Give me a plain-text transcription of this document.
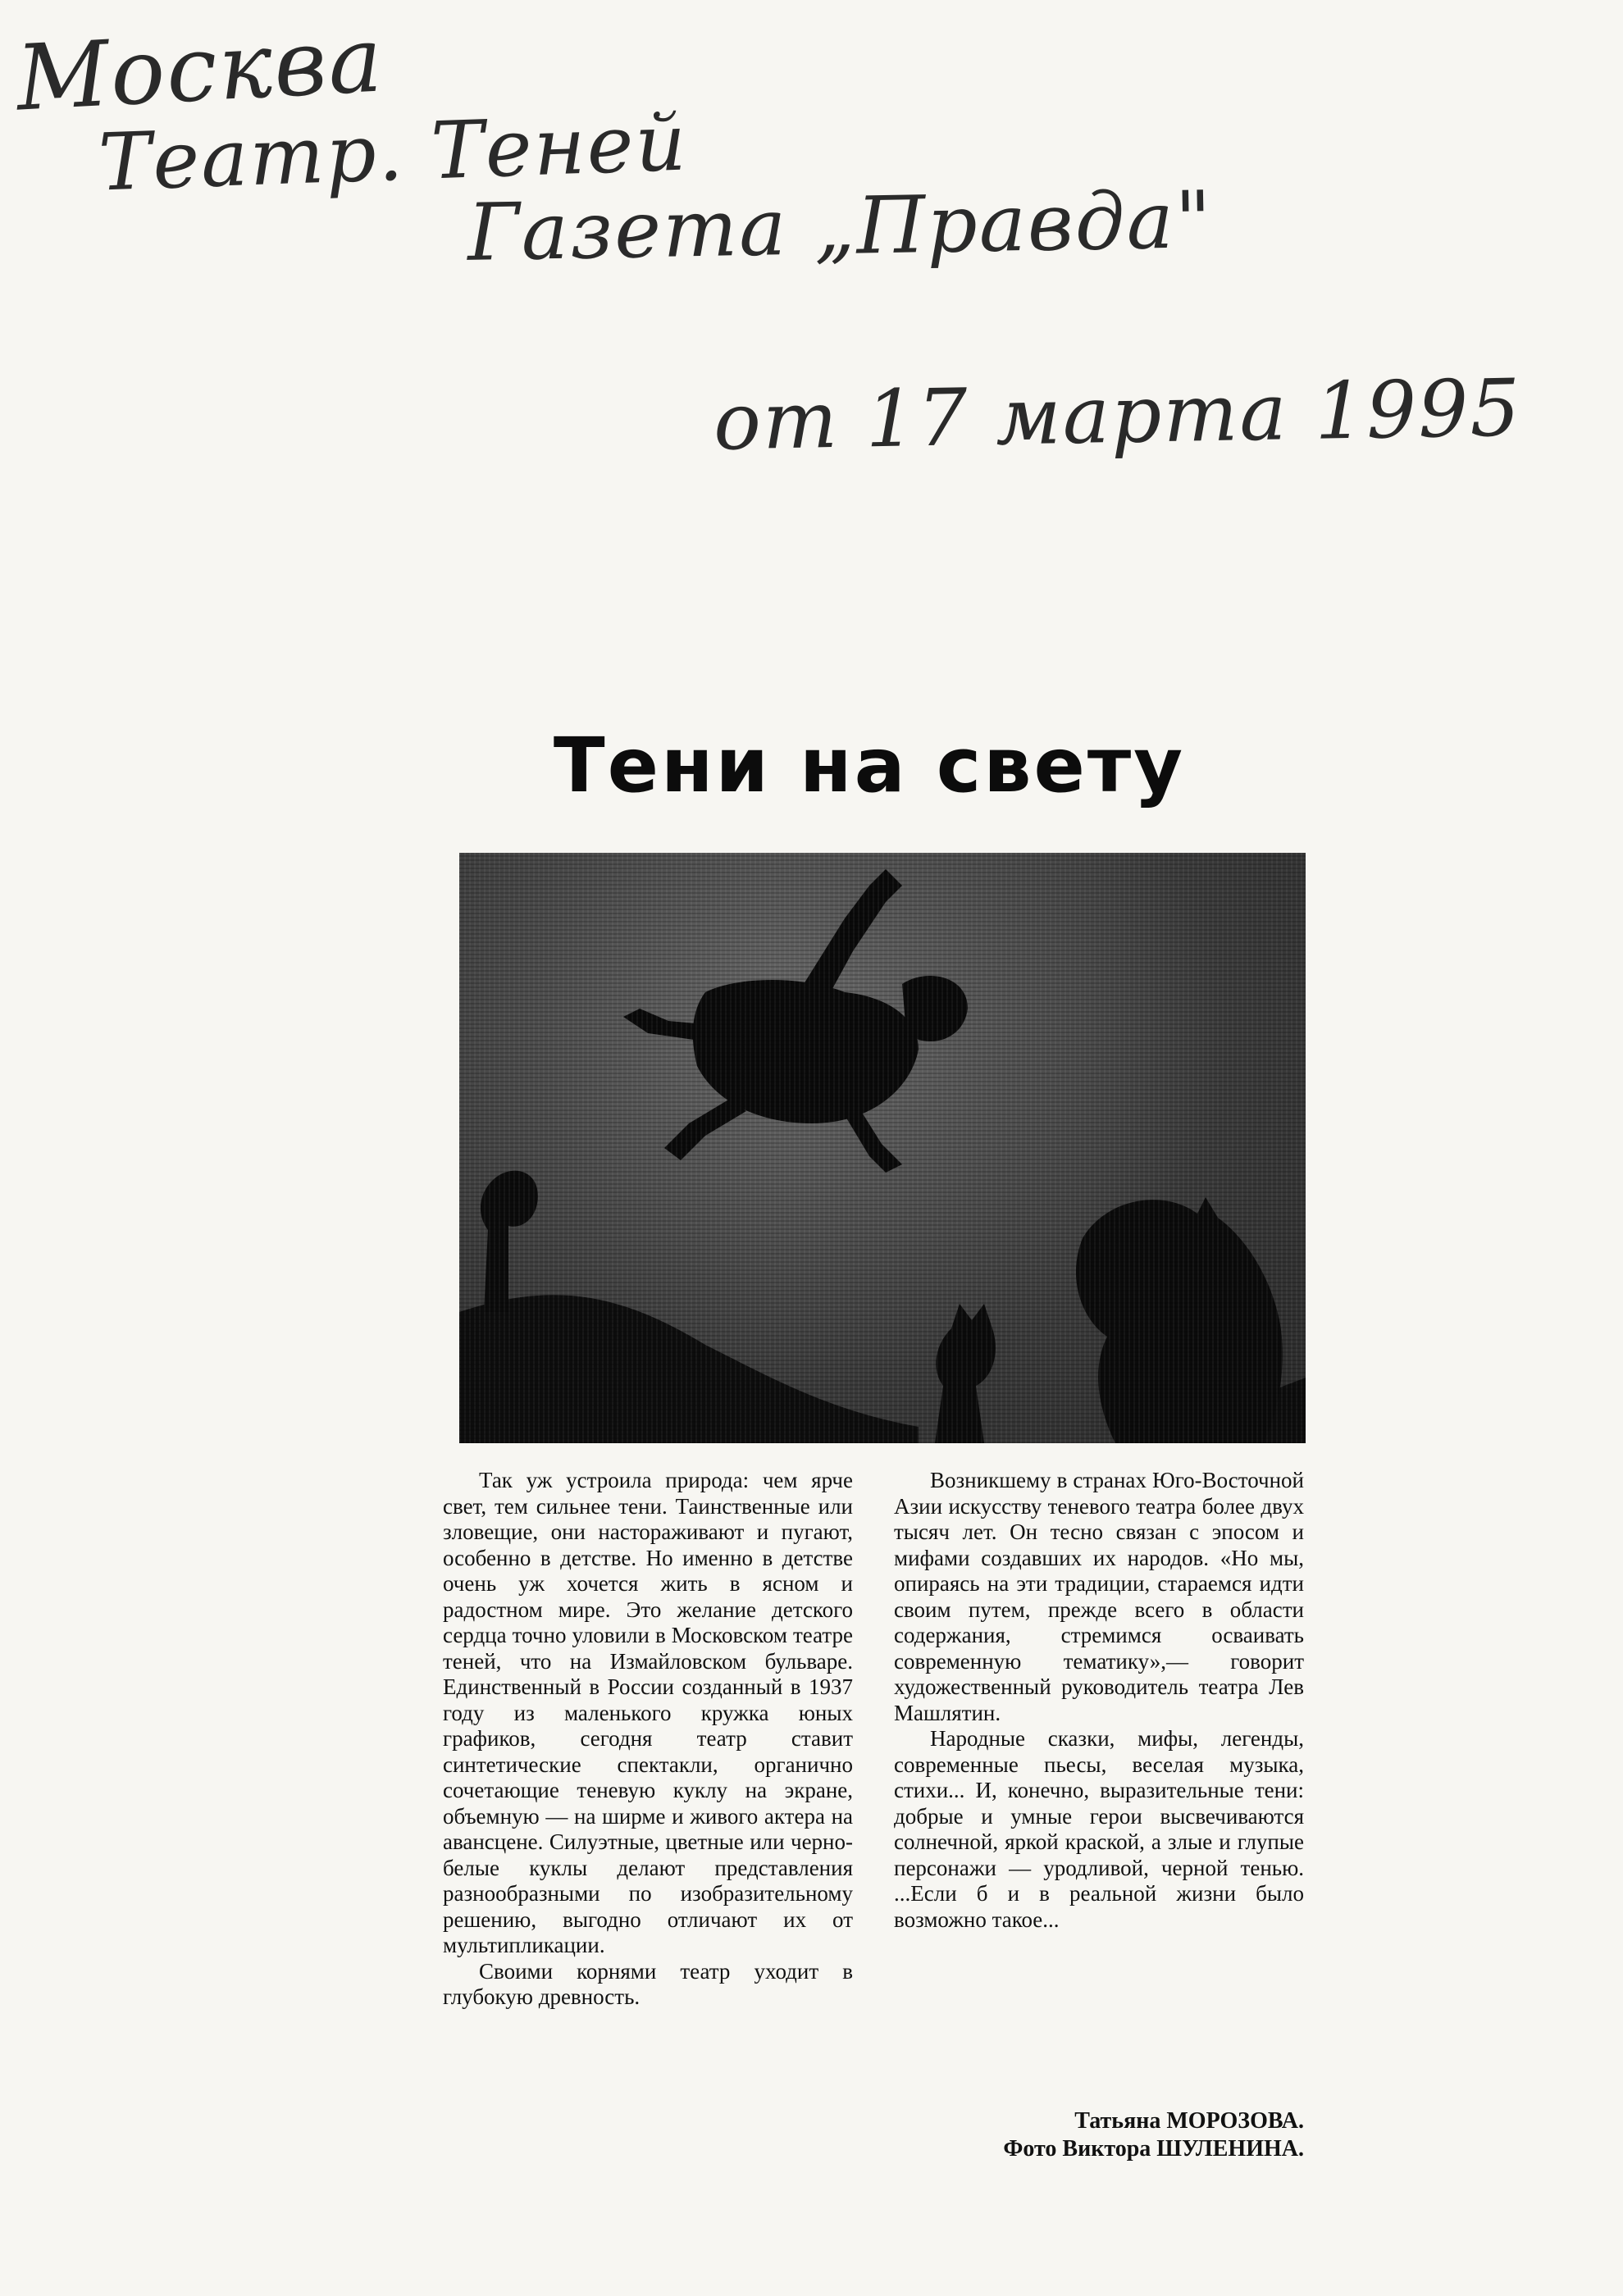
Москва
Театр. Теней
Газета „Правда"
от 17 марта 1995
Тени на свету

Так уж устроила природа: чем ярче свет, тем сильнее тени. Таинственные или зловещие, они настораживают и пугают, особенно в детстве. Но именно в детстве очень уж хочется жить в ясном и радостном мире. Это желание детского сердца точно уловили в Московском театре теней, что на Измайловском бульваре. Единственный в России созданный в 1937 году из маленького кружка юных графиков, сегодня театр ставит синтетические спектакли, органично сочетающие теневую куклу на экране, объемную — на ширме и живого актера на авансцене. Силуэтные, цветные или черно-белые куклы делают представления разнообразными по изобразительному решению, выгодно отличают их от мультипликации.

Своими корнями театр уходит в глубокую древность.

Возникшему в странах Юго-Восточной Азии искусству теневого театра более двух тысяч лет. Он тесно связан с эпосом и мифами создавших их народов. «Но мы, опираясь на эти традиции, стараемся идти своим путем, прежде всего в области содержания, стремимся осваивать современную тематику»,— говорит художественный руководитель театра Лев Машлятин.

Народные сказки, мифы, легенды, современные пьесы, веселая музыка, стихи... И, конечно, выразительные тени: добрые и умные герои высвечиваются солнечной, яркой краской, а злые и глупые персонажи — уродливой, черной тенью. ...Если б и в реальной жизни было возможно такое...

Татьяна МОРОЗОВА.
Фото Виктора ШУЛЕНИНА.
